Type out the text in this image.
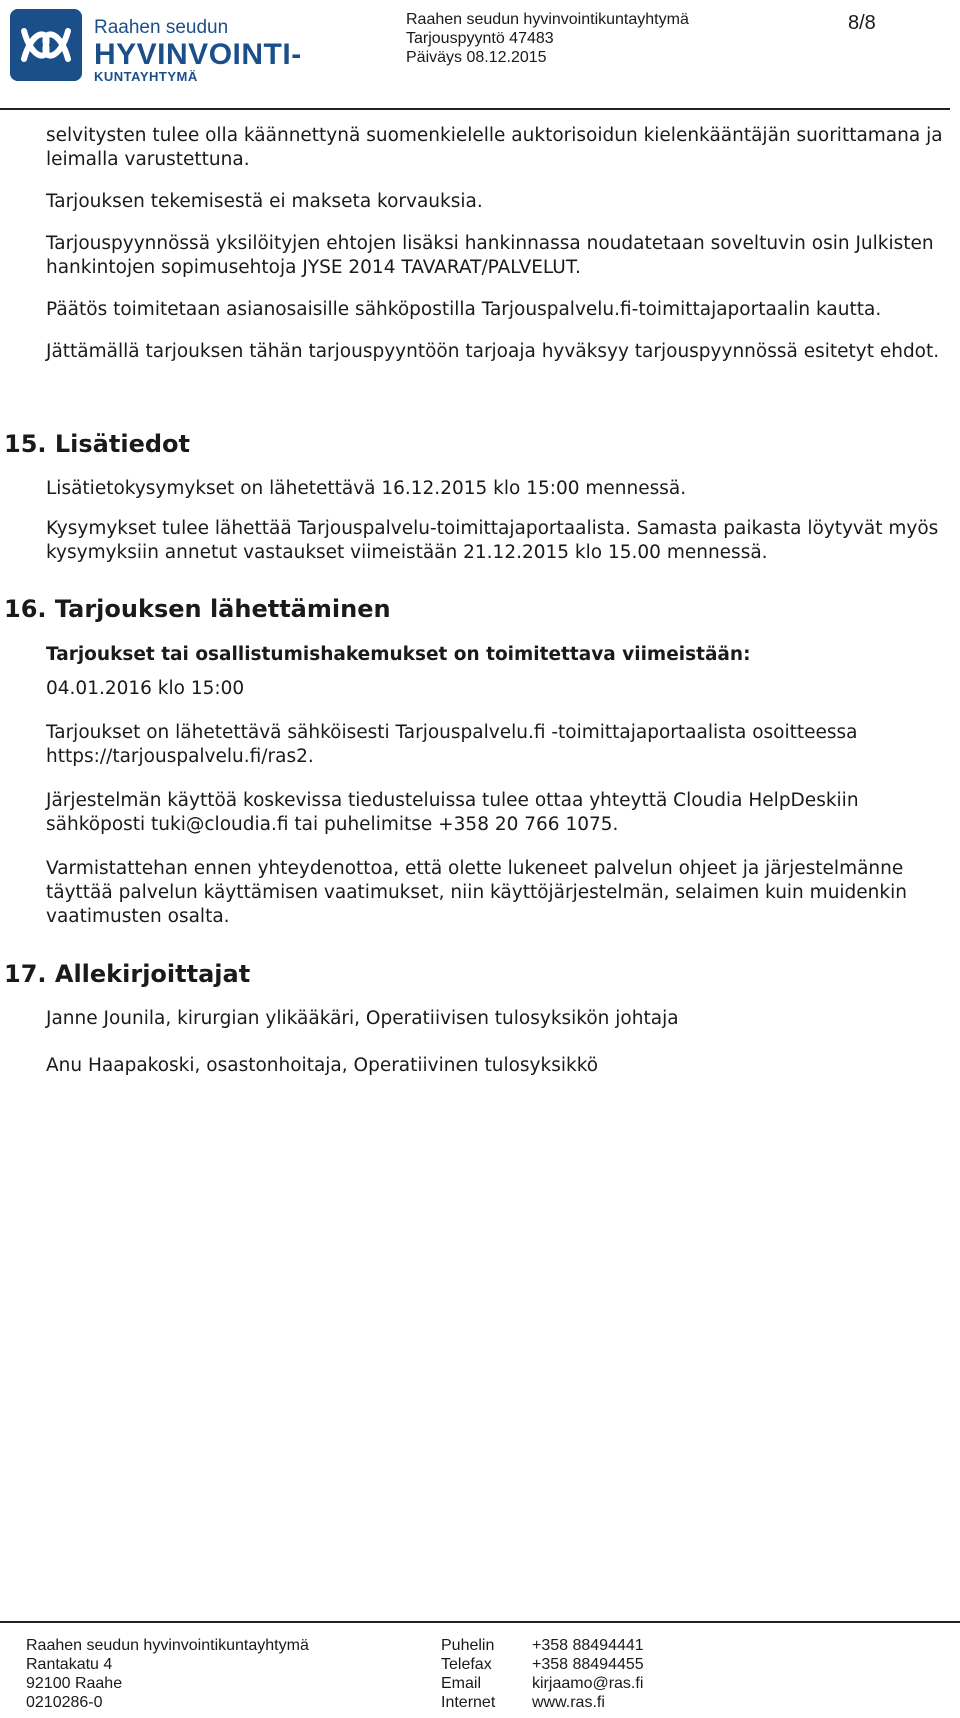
Raahen seudun
HYVINVOINTI-
KUNTAYHTYMÄ
Raahen seudun hyvinvointikuntayhtymä
Tarjouspyyntö 47483
Päiväys 08.12.2015
8/8

selvitysten tulee olla käännettynä suomenkielelle auktorisoidun kielenkääntäjän suorittamana ja leimalla varustettuna.

Tarjouksen tekemisestä ei makseta korvauksia.

Tarjouspyynnössä yksilöityjen ehtojen lisäksi hankinnassa noudatetaan soveltuvin osin Julkisten hankintojen sopimusehtoja JYSE 2014 TAVARAT/PALVELUT.

Päätös toimitetaan asianosaisille sähköpostilla Tarjouspalvelu.fi-toimittajaportaalin kautta.

Jättämällä tarjouksen tähän tarjouspyyntöön tarjoaja hyväksyy tarjouspyynnössä esitetyt ehdot.

15. Lisätiedot

Lisätietokysymykset on lähetettävä 16.12.2015 klo 15:00 mennessä.

Kysymykset tulee lähettää Tarjouspalvelu-toimittajaportaalista. Samasta paikasta löytyvät myös kysymyksiin annetut vastaukset viimeistään 21.12.2015 klo 15.00 mennessä.

16. Tarjouksen lähettäminen

Tarjoukset tai osallistumishakemukset on toimitettava viimeistään:

04.01.2016 klo 15:00

Tarjoukset on lähetettävä sähköisesti Tarjouspalvelu.fi -toimittajaportaalista osoitteessa https://tarjouspalvelu.fi/ras2.

Järjestelmän käyttöä koskevissa tiedusteluissa tulee ottaa yhteyttä Cloudia HelpDeskiin sähköposti tuki@cloudia.fi tai puhelimitse +358 20 766 1075.

Varmistattehan ennen yhteydenottoa, että olette lukeneet palvelun ohjeet ja järjestelmänne täyttää palvelun käyttämisen vaatimukset, niin käyttöjärjestelmän, selaimen kuin muidenkin vaatimusten osalta.

17. Allekirjoittajat

Janne Jounila, kirurgian ylikääkäri, Operatiivisen tulosyksikön johtaja

Anu Haapakoski, osastonhoitaja, Operatiivinen tulosyksikkö

Raahen seudun hyvinvointikuntayhtymä
Rantakatu 4
92100 Raahe
0210286-0
Puhelin
Telefax
Email
Internet
+358 88494441
+358 88494455
kirjaamo@ras.fi
www.ras.fi
